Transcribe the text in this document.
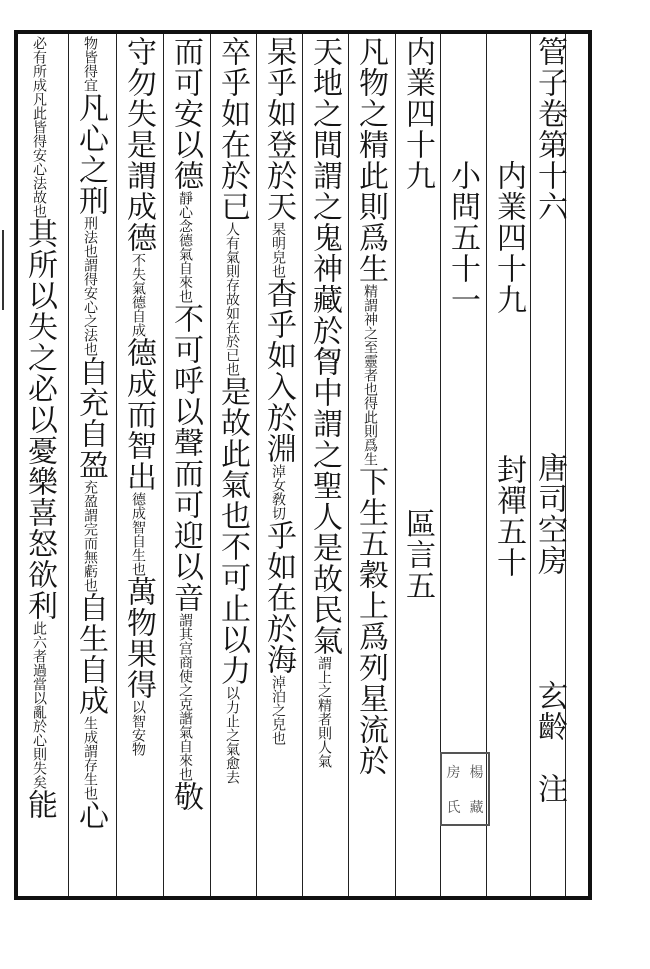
管子卷第十六
唐司空房
玄齡　注
内業四十九
封禪五十
小問五十一
房 楊
氏 藏
内業四十九
區言五
凡物之精此則爲生精謂神之至靈者也得此則爲生下生五穀上爲列星流於
天地之間謂之鬼神藏於胷中謂之聖人是故民氣謂上之精者則人氣
杲乎如登於天杲明皃也杳乎如入於淵淖女敎切乎如在於海淖泊之皃也
卒乎如在於已人有氣則存故如在於已也是故此氣也不可止以力以力止之氣愈去
而可安以德靜心念德氣自來也不可呼以聲而可迎以音謂其宫商使之克諧氣自來也敬
守勿失是謂成德不失氣德自成德成而智出德成智自生也萬物果得以智安物
物皆得宜凡心之刑刑法也謂得安心之法也自充自盈充盈謂完而無虧也自生自成生成謂存生也心
必有所成凡此皆得安心法故也其所以失之必以憂樂喜怒欲利此六者過當以亂於心則失矣能
